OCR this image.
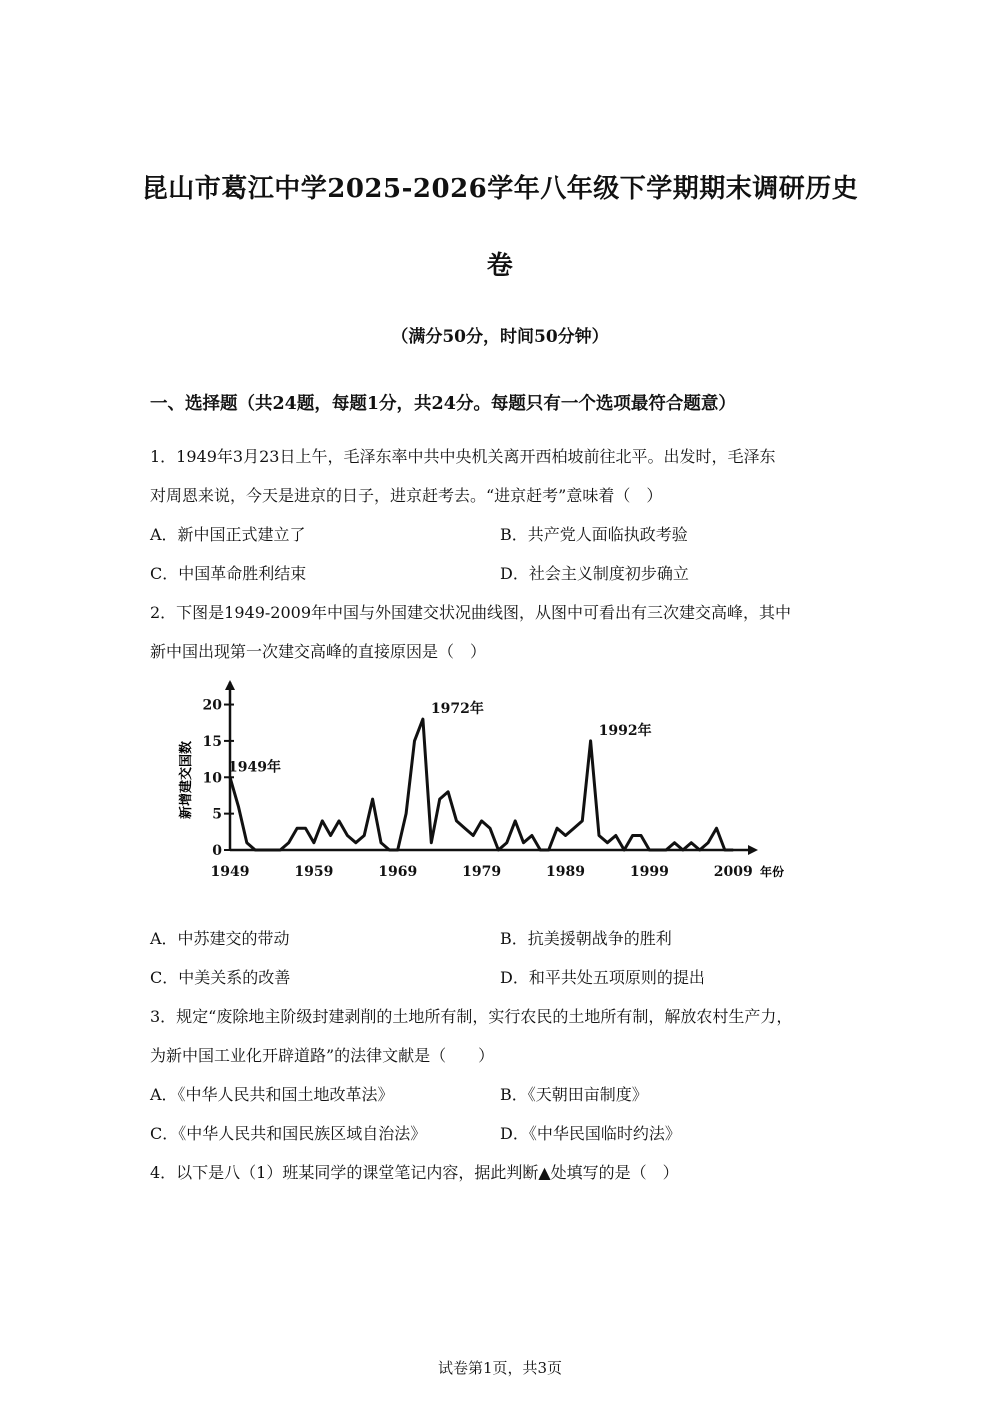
昆山市葛江中学2025-2026学年八年级下学期期末调研历史
卷
（满分50分，时间50分钟）
一、选择题（共24题，每题1分，共24分。每题只有一个选项最符合题意）
1．1949年3月23日上午，毛泽东率中共中央机关离开西柏坡前往北平。出发时，毛泽东
对周恩来说，今天是进京的日子，进京赶考去。“进京赶考”意味着（　）
A．新中国正式建立了	B．共产党人面临执政考验
C．中国革命胜利结束	D．社会主义制度初步确立
2．下图是1949-2009年中国与外国建交状况曲线图，从图中可看出有三次建交高峰，其中
新中国出现第一次建交高峰的直接原因是（　）
20
15
10
5
0
1949	1959	1969	1979	1989	1999	2009
1949年
1972年
1992年
新增建交国数
年份
A．中苏建交的带动	B．抗美援朝战争的胜利
C．中美关系的改善	D．和平共处五项原则的提出
3．规定“废除地主阶级封建剥削的土地所有制，实行农民的土地所有制，解放农村生产力，
为新中国工业化开辟道路”的法律文献是（　　）
A．《中华人民共和国土地改革法》	B．《天朝田亩制度》
C．《中华人民共和国民族区域自治法》	D．《中华民国临时约法》
4．以下是八（1）班某同学的课堂笔记内容，据此判断▲处填写的是（　）
试卷第1页，共3页
